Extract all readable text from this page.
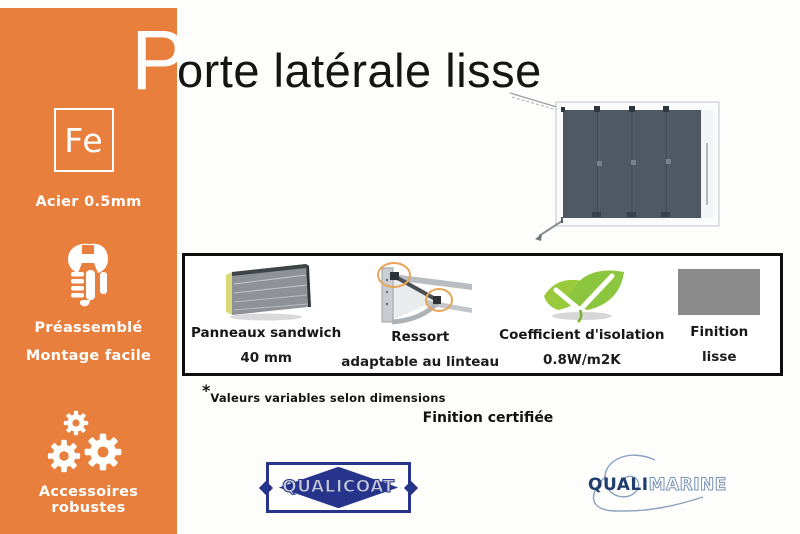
Fe
Acier 0.5mm
Préassemblé
Montage facile
Accessoires robustes
P
orte latérale lisse
Panneaux sandwich
40 mm
Ressort
adaptable au linteau
Coefficient d'isolation
0.8W/m2K
Finition
lisse
*Valeurs variables selon dimensions
Finition certifiée
QUALICOAT	QUALIMARINE
